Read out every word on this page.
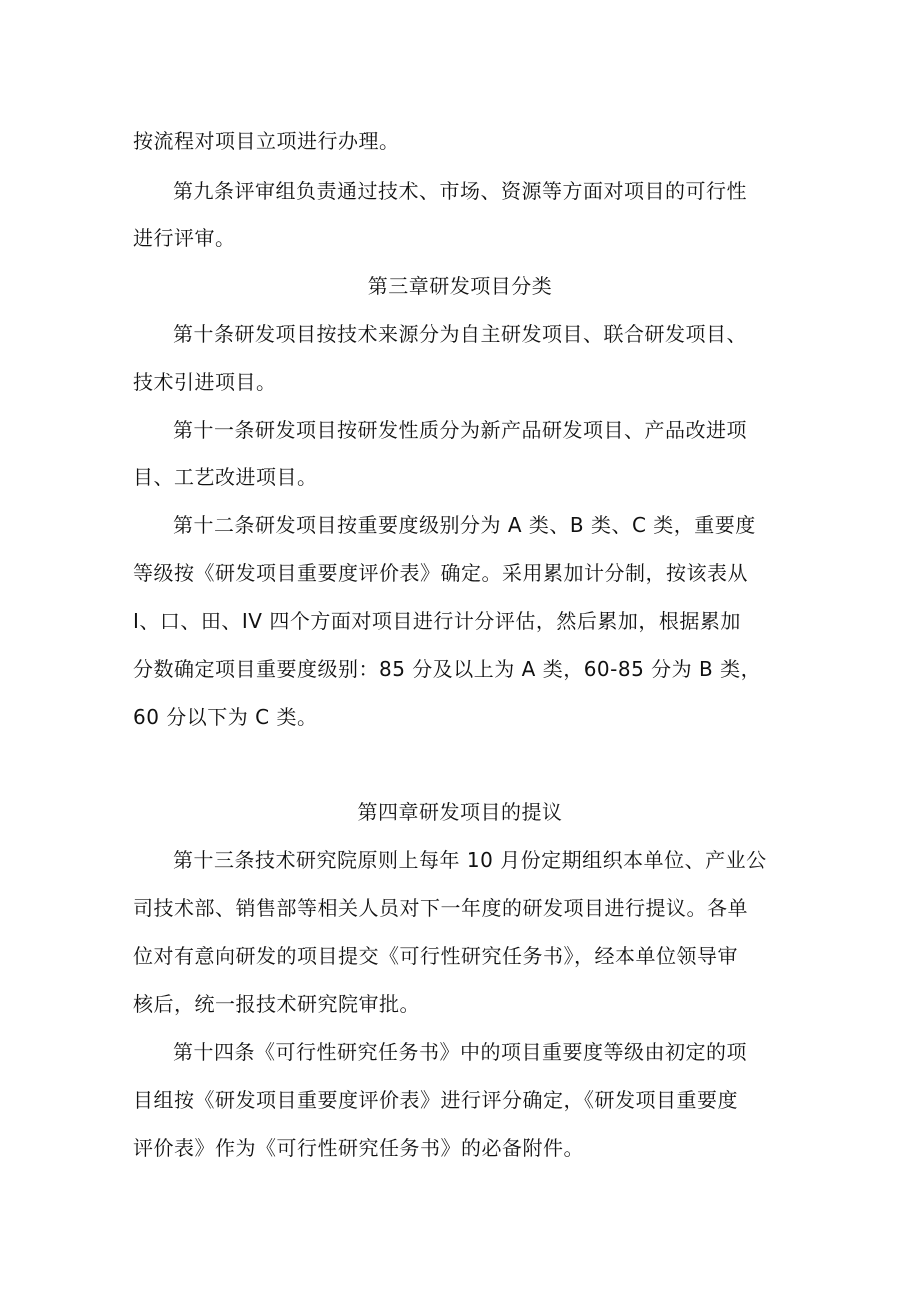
按流程对项目立项进行办理。
第九条评审组负责通过技术、市场、资源等方面对项目的可行性
进行评审。
第三章研发项目分类
第十条研发项目按技术来源分为自主研发项目、联合研发项目、
技术引进项目。
第十一条研发项目按研发性质分为新产品研发项目、产品改进项
目、工艺改进项目。
第十二条研发项目按重要度级别分为 A 类、B 类、C 类，重要度
等级按《研发项目重要度评价表》确定。采用累加计分制，按该表从
I、口、田、IV 四个方面对项目进行计分评估，然后累加，根据累加
分数确定项目重要度级别：85 分及以上为 A 类，60-85 分为 B 类，
60 分以下为 C 类。
第四章研发项目的提议
第十三条技术研究院原则上每年 10 月份定期组织本单位、产业公
司技术部、销售部等相关人员对下一年度的研发项目进行提议。各单
位对有意向研发的项目提交《可行性研究任务书》，经本单位领导审
核后，统一报技术研究院审批。
第十四条《可行性研究任务书》中的项目重要度等级由初定的项
目组按《研发项目重要度评价表》进行评分确定，《研发项目重要度
评价表》作为《可行性研究任务书》的必备附件。
